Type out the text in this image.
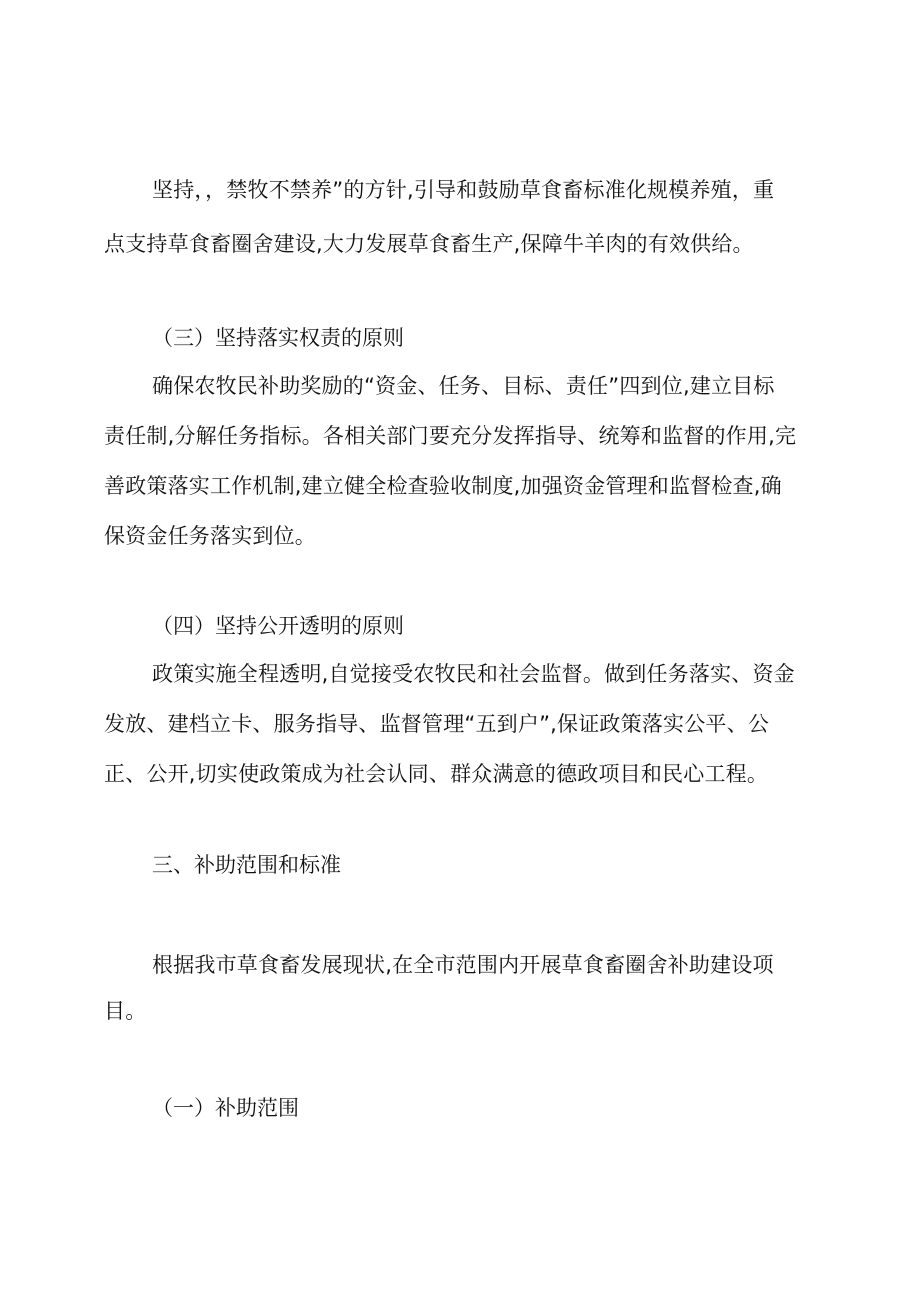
坚持，，禁牧不禁养”的方针,引导和鼓励草食畜标准化规模养殖，重
点支持草食畜圈舍建设,大力发展草食畜生产,保障牛羊肉的有效供给。
（三）坚持落实权责的原则
确保农牧民补助奖励的“资金、任务、目标、责任”四到位,建立目标
责任制,分解任务指标。各相关部门要充分发挥指导、统筹和监督的作用,完
善政策落实工作机制,建立健全检查验收制度,加强资金管理和监督检查,确
保资金任务落实到位。
（四）坚持公开透明的原则
政策实施全程透明,自觉接受农牧民和社会监督。做到任务落实、资金
发放、建档立卡、服务指导、监督管理“五到户”,保证政策落实公平、公
正、公开,切实使政策成为社会认同、群众满意的德政项目和民心工程。
三、补助范围和标准
根据我市草食畜发展现状,在全市范围内开展草食畜圈舍补助建设项
目。
（一）补助范围
